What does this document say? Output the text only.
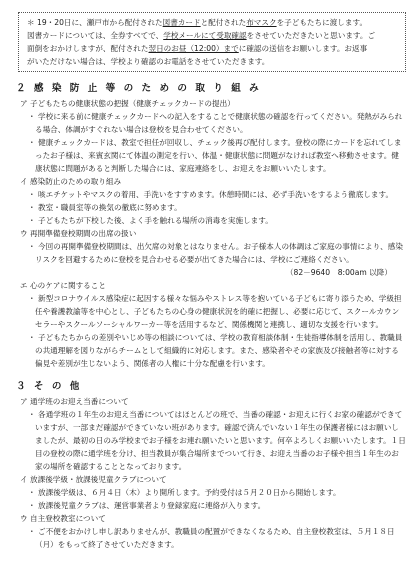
＊ 19・20日に、瀬戸市から配付された図書カードと配付された布マスクを子どもたちに渡します。

図書カードについては、全券すべてで、学校メールにて受取確認をさせていただきたいと思います。ご

面倒をおかけしますが、配付された翌日のお昼（12:00）までに確認の送信をお願いします。お返事

がいただけない場合は、学校より確認のお電話をさせていただきます。

２ 感 染 防 止 等 の た め の 取 り 組 み
ア 子どもたちの健康状態の把握（健康チェックカードの提出）
・ 学校に来る前に健康チェックカードへの記入をすることで健康状態の確認を行ってください。発熱がみられる場合、体調がすぐれない場合は登校を見合わせてください。
・ 健康チェックカードは、教室で担任が回収し、チェック後再び配付します。登校の際にカードを忘れてしまったお子様は、来賓玄関にて体温の測定を行い、体温・健康状態に問題がなければ教室へ移動させます。健康状態に問題があると判断した場合には、家庭連絡をし、お迎えをお願いいたします。
イ 感染防止のための取り組み
・ 咳エチケットやマスクの着用、手洗いをすすめます。休憩時間には、必ず手洗いをするよう徹底します。
・ 教室・職員室等の換気の徹底に努めます。
・ 子どもたちが下校した後、よく手を触れる場所の消毒を実施します。
ウ 再開準備登校期間の出席の扱い
・ 今回の再開準備登校期間は、出欠席の対象とはなりません。お子様本人の体調はご家庭の事情により、感染リスクを回避するために登校を見合わせる必要が出てきた場合には、学校にご連絡ください。
（82－9640　8:00am 以降）
エ 心のケアに関すること
・ 新型コロナウイルス感染症に起因する様々な悩みやストレス等を抱いている子どもに寄り添うため、学級担任や養護教諭等を中心とし、子どもたちの心身の健康状況を的確に把握し、必要に応じて、スクールカウンセラーやスクールソーシャルワーカー等を活用するなど、関係機関と連携し、適切な支援を行います。
・ 子どもたちからの差別やいじめ等の相談については、学校の教育相談体制・生徒指導体制を活用し、教職員の共通理解を図りながらチームとして組織的に対応します。また、感染者やその家族及び接触者等に対する偏見や差別が生じないよう、関係者の人権に十分な配慮を行います。
３ そ の 他
ア 通学班のお迎え当番について
・ 各通学班の１年生のお迎え当番についてはほとんどの班で、当番の確認・お迎えに行くお家の確認ができていますが、一部まだ確認ができていない班があります。確認で済んでいない１年生の保護者様にはお願いしましたが、最初の日のみ学校までお子様をお連れ願いたいと思います。何卒よろしくお願いいたします。１日目の登校の際に通学班を分け、担当教員が集合場所までついて行き、お迎え当番のお子様や担当１年生のお家の場所を確認することとなっております。
イ 放課後学級・放課後児童クラブについて
・ 放課後学級は、６月４日（木）より開所します。予約受付は５月２０日から開始します。
・ 放課後児童クラブは、運営事業者より登録家庭に連絡が入ります。
ウ 自主登校教室について
・ ご不便をおかけし申し訳ありませんが、教職員の配置ができなくなるため、自主登校教室は、５月１８日（月）をもって終了させていただきます。
